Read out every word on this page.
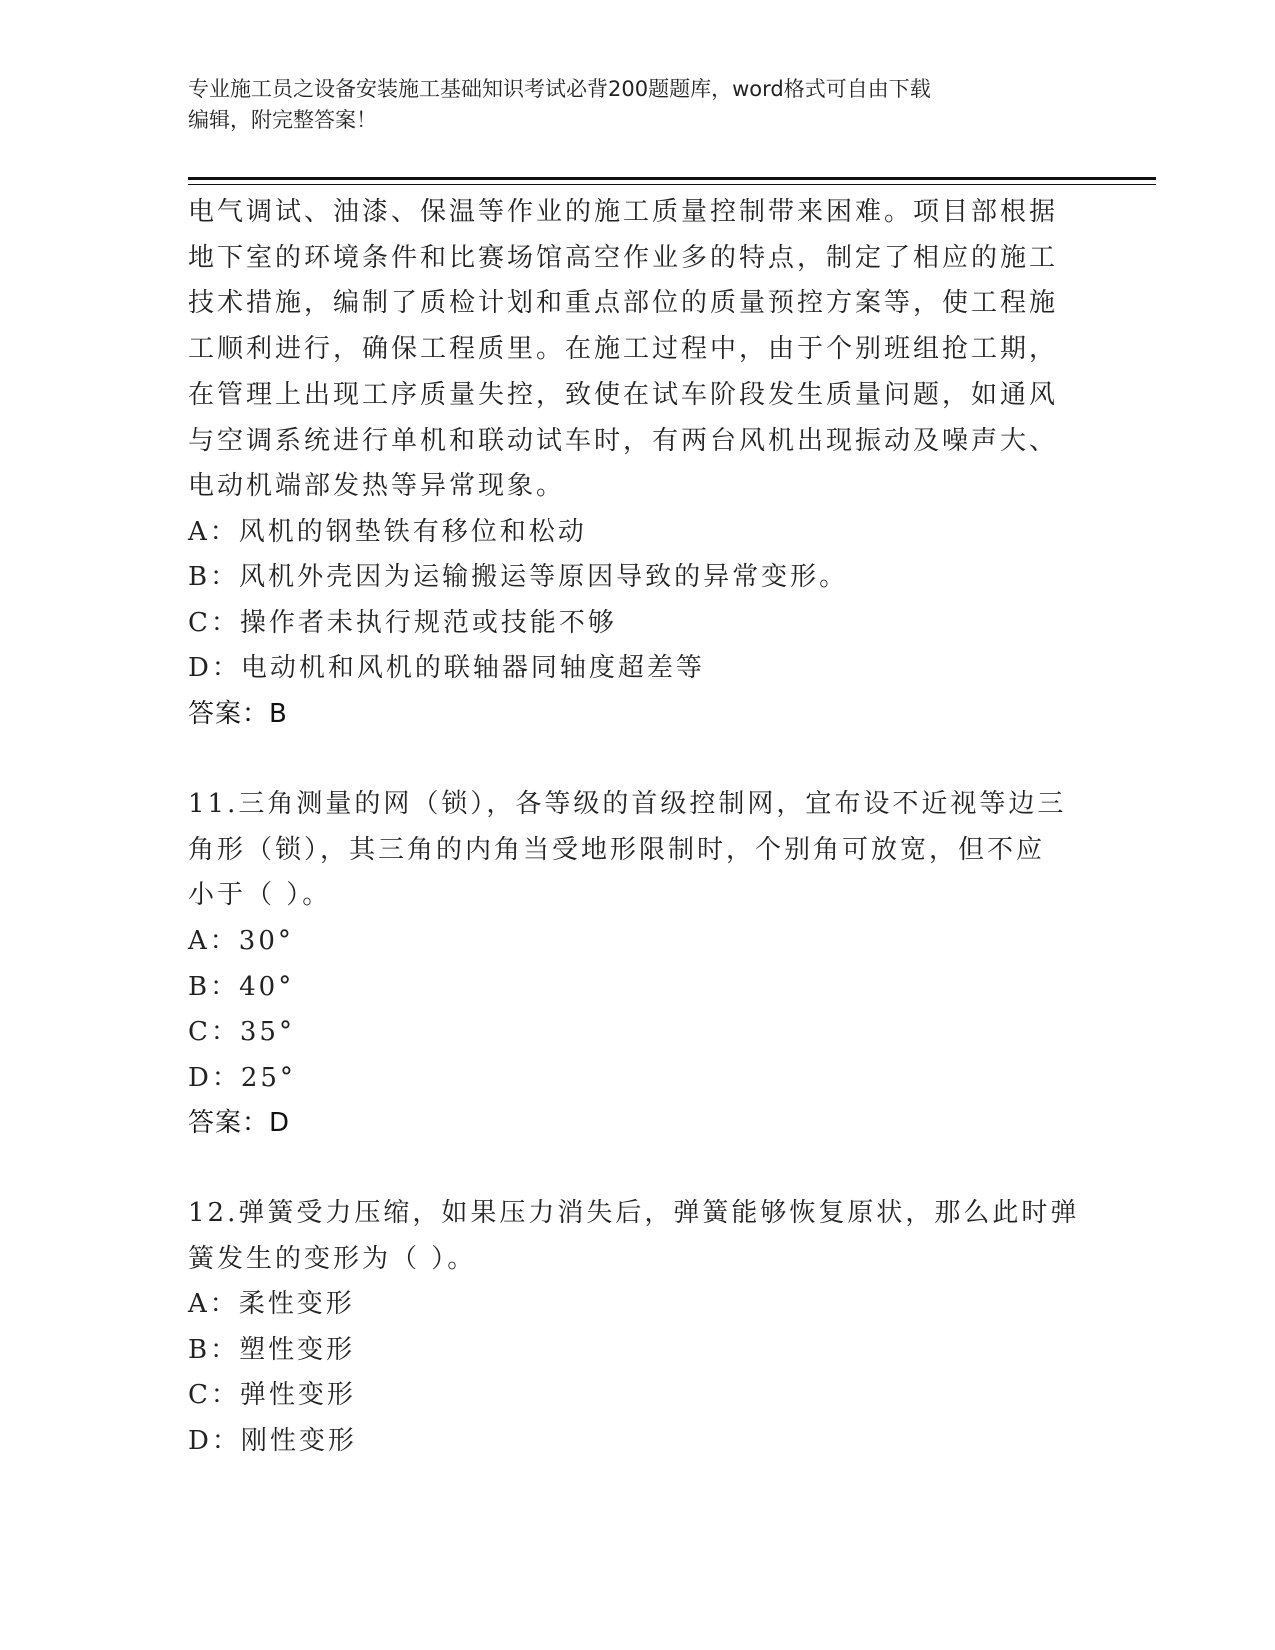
专业施工员之设备安装施工基础知识考试必背200题题库，word格式可自由下载
编辑，附完整答案！

电气调试、油漆、保温等作业的施工质量控制带来困难。项目部根据

地下室的环境条件和比赛场馆高空作业多的特点，制定了相应的施工

技术措施，编制了质检计划和重点部位的质量预控方案等，使工程施

工顺利进行，确保工程质里。在施工过程中，由于个别班组抢工期，

在管理上出现工序质量失控，致使在试车阶段发生质量问题，如通风

与空调系统进行单机和联动试车时，有两台风机出现振动及噪声大、

电动机端部发热等异常现象。

A：风机的钢垫铁有移位和松动

B：风机外壳因为运输搬运等原因导致的异常变形。

C：操作者未执行规范或技能不够

D：电动机和风机的联轴器同轴度超差等

答案：B

11.三角测量的网（锁），各等级的首级控制网，宜布设不近视等边三

角形（锁），其三角的内角当受地形限制时，个别角可放宽，但不应

小于（ ）。

A：30°

B：40°

C：35°

D：25°

答案：D

12.弹簧受力压缩，如果压力消失后，弹簧能够恢复原状，那么此时弹

簧发生的变形为（ ）。

A：柔性变形

B：塑性变形

C：弹性变形

D：刚性变形
